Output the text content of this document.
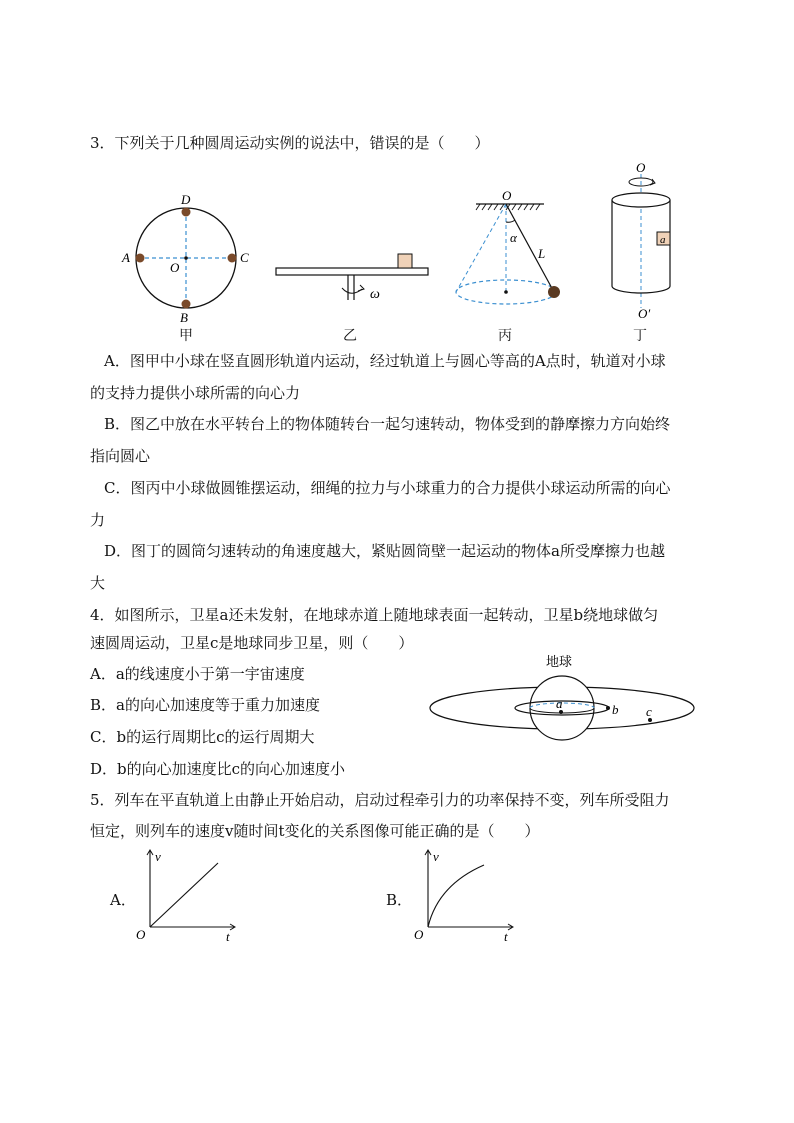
3．下列关于几种圆周运动实例的说法中，错误的是（　　）
D
A
O
C
B
甲
ω
乙
O
α
L
丙
a
O
O′
丁
A．图甲中小球在竖直圆形轨道内运动，经过轨道上与圆心等高的A点时，轨道对小球
的支持力提供小球所需的向心力
B．图乙中放在水平转台上的物体随转台一起匀速转动，物体受到的静摩擦力方向始终
指向圆心
C．图丙中小球做圆锥摆运动，细绳的拉力与小球重力的合力提供小球运动所需的向心
力
D．图丁的圆筒匀速转动的角速度越大，紧贴圆筒壁一起运动的物体a所受摩擦力也越
大
4．如图所示，卫星a还未发射，在地球赤道上随地球表面一起转动，卫星b绕地球做匀
速圆周运动，卫星c是地球同步卫星，则（　　）
A．a的线速度小于第一宇宙速度
B．a的向心加速度等于重力加速度
C．b的运行周期比c的运行周期大
D．b的向心加速度比c的向心加速度小
地球
a	b c
5．列车在平直轨道上由静止开始启动，启动过程牵引力的功率保持不变，列车所受阻力
恒定，则列车的速度v随时间t变化的关系图像可能正确的是（　　）
A．
v
t
O
B．
v
t
O
